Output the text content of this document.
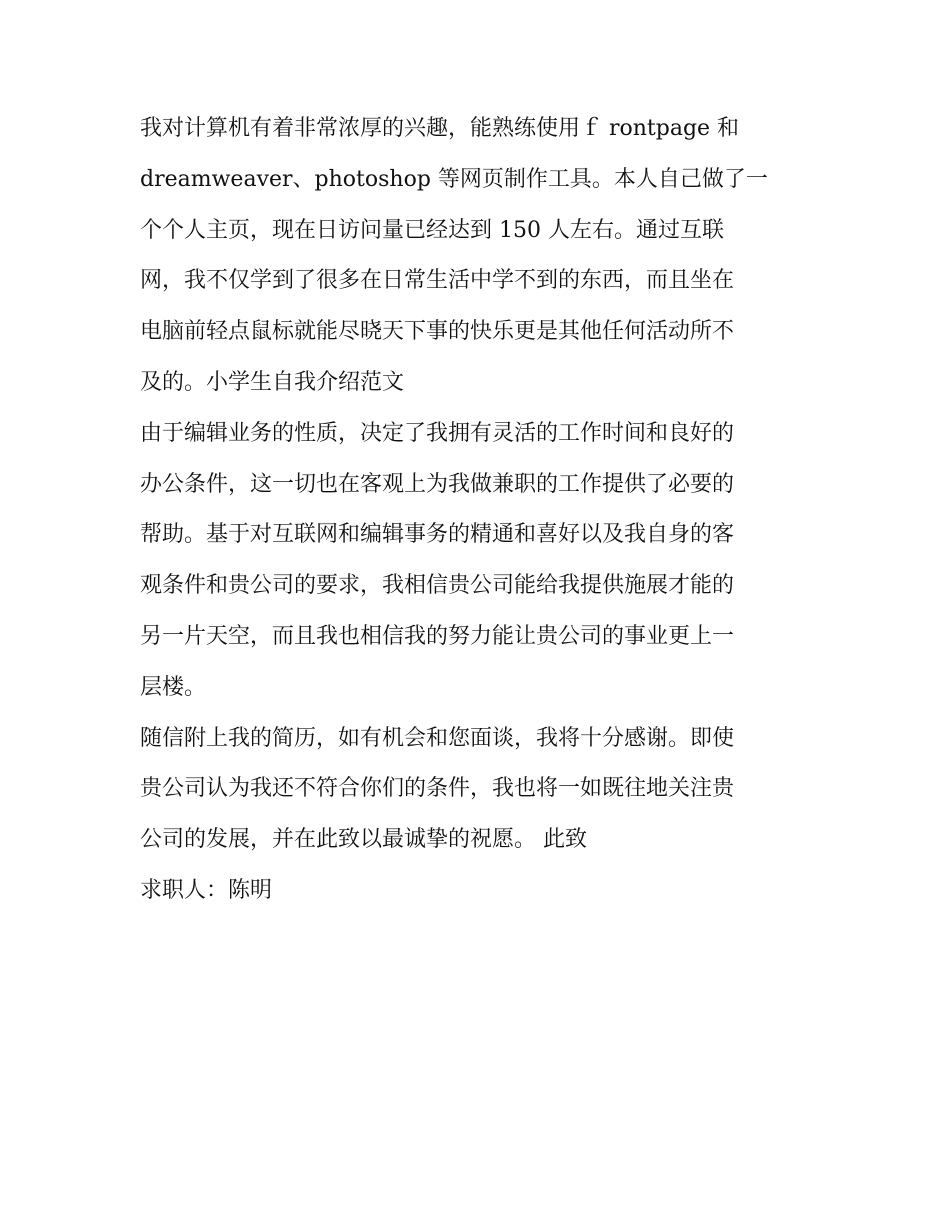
我对计算机有着非常浓厚的兴趣，能熟练使用ｆ rontpage 和
dreamweaver、photoshop 等网页制作工具。本人自己做了一
个个人主页，现在日访问量已经达到 150 人左右。通过互联
网，我不仅学到了很多在日常生活中学不到的东西，而且坐在
电脑前轻点鼠标就能尽晓天下事的快乐更是其他任何活动所不
及的。小学生自我介绍范文

由于编辑业务的性质，决定了我拥有灵活的工作时间和良好的
办公条件，这一切也在客观上为我做兼职的工作提供了必要的
帮助。基于对互联网和编辑事务的精通和喜好以及我自身的客
观条件和贵公司的要求，我相信贵公司能给我提供施展才能的
另一片天空，而且我也相信我的努力能让贵公司的事业更上一
层楼。

随信附上我的简历，如有机会和您面谈，我将十分感谢。即使
贵公司认为我还不符合你们的条件，我也将一如既往地关注贵
公司的发展，并在此致以最诚挚的祝愿。 此致

求职人：陈明
